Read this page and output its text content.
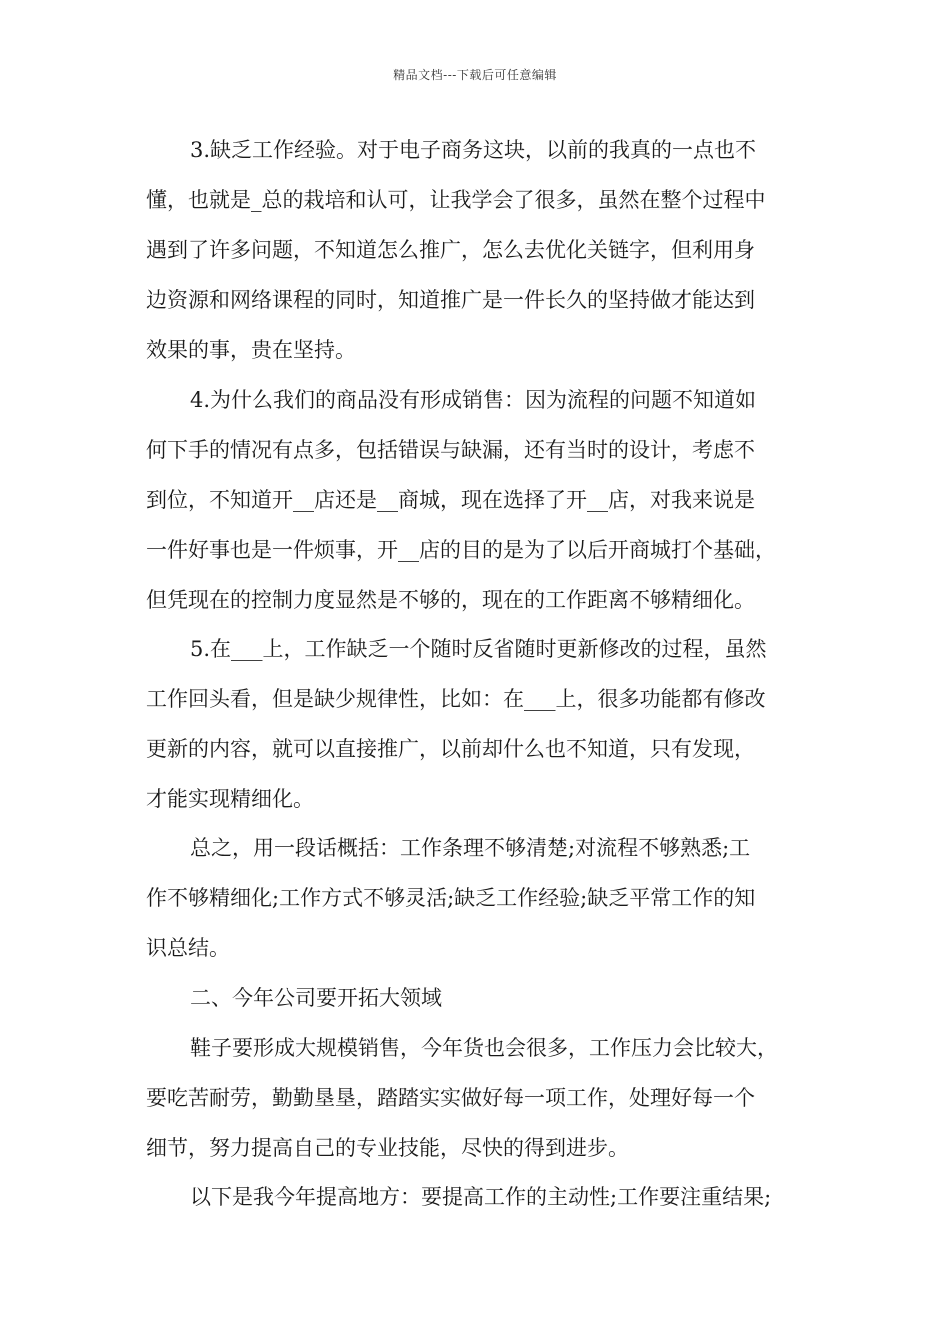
精品文档---下载后可任意编辑
3.缺乏工作经验。对于电子商务这块，以前的我真的一点也不
懂，也就是_总的栽培和认可，让我学会了很多，虽然在整个过程中
遇到了许多问题，不知道怎么推广，怎么去优化关链字，但利用身
边资源和网络课程的同时，知道推广是一件长久的坚持做才能达到
效果的事，贵在坚持。
4.为什么我们的商品没有形成销售：因为流程的问题不知道如
何下手的情况有点多，包括错误与缺漏，还有当时的设计，考虑不
到位，不知道开__店还是__商城，现在选择了开__店，对我来说是
一件好事也是一件烦事，开__店的目的是为了以后开商城打个基础，
但凭现在的控制力度显然是不够的，现在的工作距离不够精细化。
5.在___上，工作缺乏一个随时反省随时更新修改的过程，虽然
工作回头看，但是缺少规律性，比如：在___上，很多功能都有修改
更新的内容，就可以直接推广，以前却什么也不知道，只有发现，
才能实现精细化。
总之，用一段话概括：工作条理不够清楚;对流程不够熟悉;工
作不够精细化;工作方式不够灵活;缺乏工作经验;缺乏平常工作的知
识总结。
二、今年公司要开拓大领域
鞋子要形成大规模销售，今年货也会很多，工作压力会比较大，
要吃苦耐劳，勤勤垦垦，踏踏实实做好每一项工作，处理好每一个
细节，努力提高自己的专业技能，尽快的得到进步。
以下是我今年提高地方：要提高工作的主动性;工作要注重结果;
